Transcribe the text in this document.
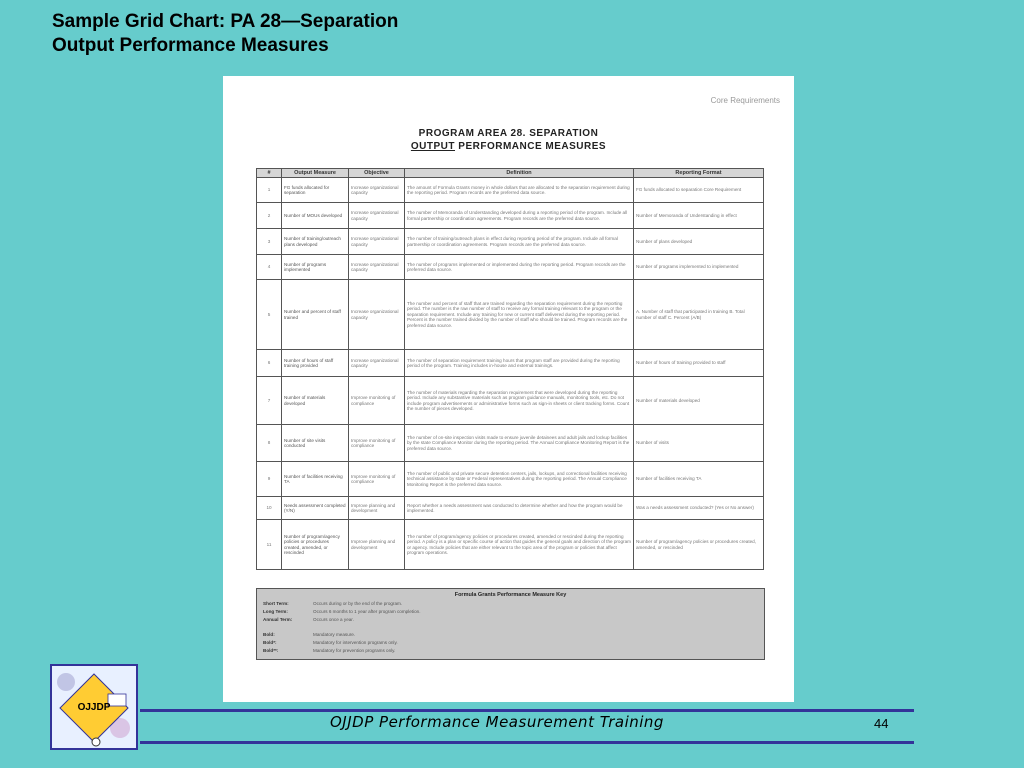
Sample Grid Chart: PA 28—Separation
Output Performance Measures
Core Requirements
PROGRAM AREA 28. SEPARATION
OUTPUT PERFORMANCE MEASURES
#	Output Measure	Objective	Definition	Reporting Format
1	FG funds allocated for separation	Increase organizational capacity	The amount of Formula Grants money in whole dollars that are allocated to the separation requirement during the reporting period. Program records are the preferred data source.	FG funds allocated to separation Core Requirement
2	Number of MOUs developed	Increase organizational capacity	The number of Memoranda of Understanding developed during a reporting period of the program. Include all formal partnership or coordination agreements. Program records are the preferred data source.	Number of Memoranda of Understanding in effect
3	Number of training/outreach plans developed	Increase organizational capacity	The number of training/outreach plans in effect during reporting period of the program. Include all formal partnership or coordination agreements. Program records are the preferred data source.	Number of plans developed
4	Number of programs implemented	Increase organizational capacity	The number of programs implemented or implemented during the reporting period. Program records are the preferred data source.	Number of programs implemented to implemented
5	Number and percent of staff trained	Increase organizational capacity	The number and percent of staff that are trained regarding the separation requirement during the reporting period. The number is the raw number of staff to receive any formal training relevant to the program or the separation requirement. Include any training for new or current staff delivered during the reporting period. Percent is the number trained divided by the number of staff who should be trained. Program records are the preferred data source.	A. Number of staff that participated in training B. Total number of staff C. Percent (A/B)
6	Number of hours of staff training provided	Increase organizational capacity	The number of separation requirement training hours that program staff are provided during the reporting period of the program. Training includes in-house and external trainings.	Number of hours of training provided to staff
7	Number of materials developed	Improve monitoring of compliance	The number of materials regarding the separation requirement that were developed during the reporting period. Include any substantive materials such as program guidance manuals, monitoring tools, etc. Do not include program advertisements or administrative forms such as sign-in sheets or client tracking forms. Count the number of pieces developed.	Number of materials developed
8	Number of site visits conducted	Improve monitoring of compliance	The number of on-site inspection visits made to ensure juvenile detainees and adult jails and lockup facilities by the state Compliance Monitor during the reporting period. The Annual Compliance Monitoring Report is the preferred data source.	Number of visits
9	Number of facilities receiving TA	Improve monitoring of compliance	The number of public and private secure detention centers, jails, lockups, and correctional facilities receiving technical assistance by state or Federal representatives during the reporting period. The Annual Compliance Monitoring Report is the preferred data source.	Number of facilities receiving TA
10	Needs assessment completed (Y/N)	Improve planning and development	Report whether a needs assessment was conducted to determine whether and how the program would be implemented.	Was a needs assessment conducted? (Yes or No answer)
11	Number of program/agency policies or procedures created, amended, or rescinded	Improve planning and development	The number of program/agency policies or procedures created, amended or rescinded during the reporting period. A policy is a plan or specific course of action that guides the general goals and direction of the program or agency. Include policies that are either relevant to the topic area of the program or policies that affect program operations.	Number of program/agency policies or procedures created, amended, or rescinded
Formula Grants Performance Measure Key
Short Term:	Occurs during or by the end of the program.
Long Term:	Occurs 6 months to 1 year after program completion.
Annual Term:	Occurs once a year.
Bold:	Mandatory measure.
Bold*:	Mandatory for intervention programs only.
Bold**:	Mandatory for prevention programs only.
OJJDP
OJJDP Performance Measurement Training	44
